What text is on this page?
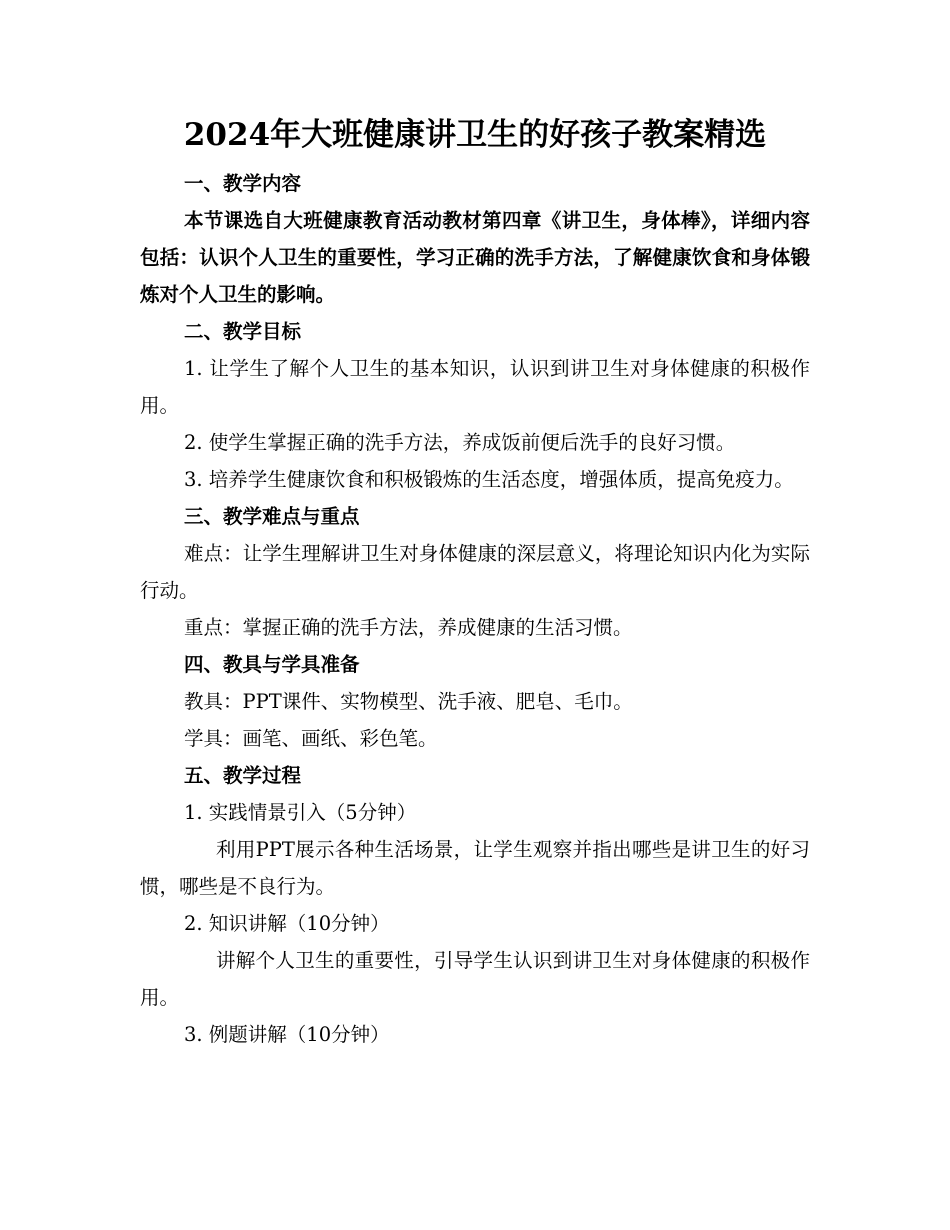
2024年大班健康讲卫生的好孩子教案精选

一、教学内容

本节课选自大班健康教育活动教材第四章《讲卫生，身体棒》，详细内容包括：认识个人卫生的重要性，学习正确的洗手方法，了解健康饮食和身体锻炼对个人卫生的影响。

二、教学目标

1. 让学生了解个人卫生的基本知识，认识到讲卫生对身体健康的积极作用。

2. 使学生掌握正确的洗手方法，养成饭前便后洗手的良好习惯。

3. 培养学生健康饮食和积极锻炼的生活态度，增强体质，提高免疫力。

三、教学难点与重点

难点：让学生理解讲卫生对身体健康的深层意义，将理论知识内化为实际行动。

重点：掌握正确的洗手方法，养成健康的生活习惯。

四、教具与学具准备

教具：PPT课件、实物模型、洗手液、肥皂、毛巾。

学具：画笔、画纸、彩色笔。

五、教学过程

1. 实践情景引入（5分钟）

利用PPT展示各种生活场景，让学生观察并指出哪些是讲卫生的好习惯，哪些是不良行为。

2. 知识讲解（10分钟）

讲解个人卫生的重要性，引导学生认识到讲卫生对身体健康的积极作用。

3. 例题讲解（10分钟）
